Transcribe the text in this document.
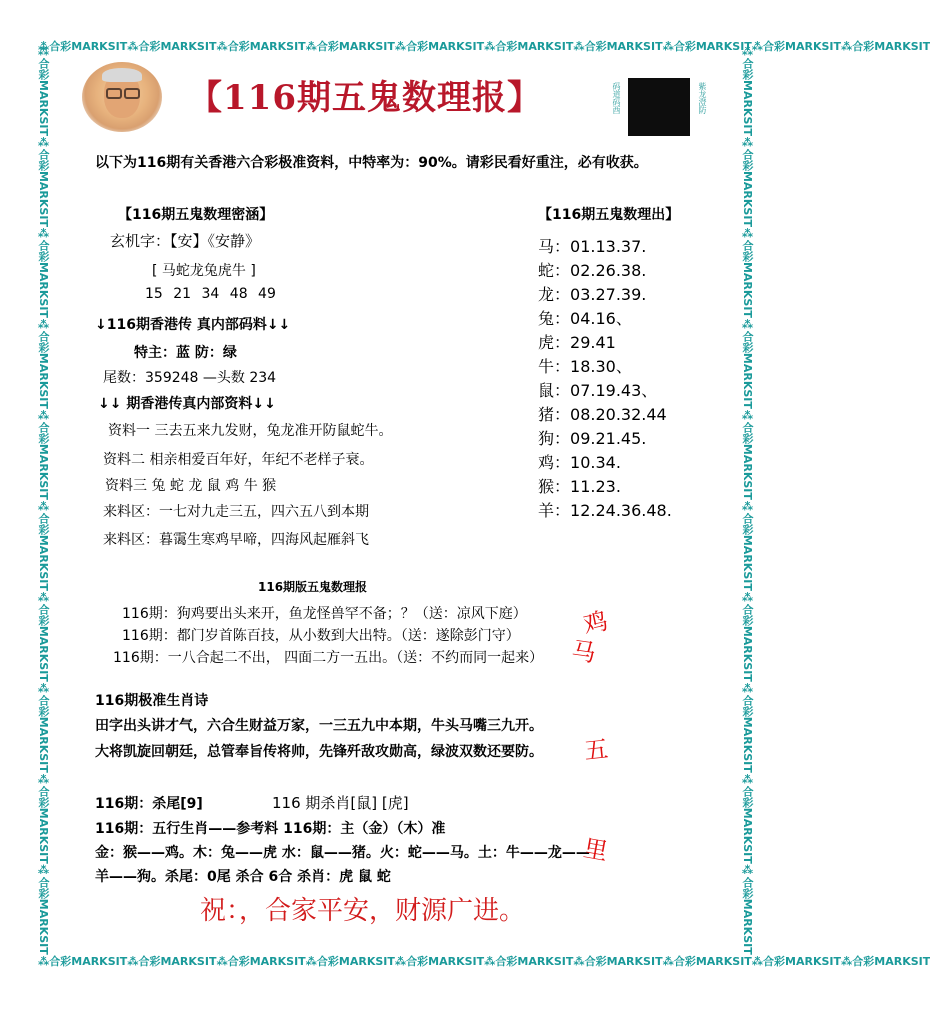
⁂合彩MARKSIT⁂合彩MARKSIT⁂合彩MARKSIT⁂合彩MARKSIT⁂合彩MARKSIT⁂合彩MARKSIT⁂合彩MARKSIT⁂合彩MARKSIT⁂合彩MARKSIT⁂合彩MARKSIT
⁂合彩MARKSIT⁂合彩MARKSIT⁂合彩MARKSIT⁂合彩MARKSIT⁂合彩MARKSIT⁂合彩MARKSIT⁂合彩MARKSIT⁂合彩MARKSIT⁂合彩MARKSIT⁂合彩MARKSIT
⁂合彩MARKSIT⁂合彩MARKSIT⁂合彩MARKSIT⁂合彩MARKSIT⁂合彩MARKSIT⁂合彩MARKSIT⁂合彩MARKSIT⁂合彩MARKSIT⁂合彩MARKSIT⁂合彩MARKSIT	⁂合彩MARKSIT⁂合彩MARKSIT⁂合彩MARKSIT⁂合彩MARKSIT⁂合彩MARKSIT⁂合彩MARKSIT⁂合彩MARKSIT⁂合彩MARKSIT⁂合彩MARKSIT⁂合彩MARKSIT
【116期五鬼数理报】	码道码酉	紫龙澄防
以下为116期有关香港六合彩极准资料，中特率为：90%。请彩民看好重注，必有收获。
【116期五鬼数理密涵】
玄机字：【安】《安静》
[ 马蛇龙兔虎牛 ]
15 21 34 48 49
↓116期香港传 真内部码料↓↓
特主：蓝 防：绿
尾数：359248 —头数 234
↓↓ 期香港传真内部资料↓↓
资料一 三去五来九发财，兔龙准开防鼠蛇牛。
资料二 相亲相爱百年好，年纪不老样子衰。
资料三 兔 蛇 龙 鼠 鸡 牛 猴
来料区：一七对九走三五，四六五八到本期
来料区：暮霭生寒鸡早啼，四海风起雁斜飞
【116期五鬼数理出】
马：01.13.37.
蛇：02.26.38.
龙：03.27.39.
兔：04.16、
虎：29.41
牛：18.30、
鼠：07.19.43、
猪：08.20.32.44
狗：09.21.45.
鸡：10.34.
猴：11.23.
羊：12.24.36.48.
116期版五鬼数理报
116期：狗鸡要出头来开，鱼龙怪兽罕不备；？（送：凉风下庭）
116期：都门岁首陈百技，从小数到大出特。（送：遂除彭门守）
116期：一八合起二不出， 四面二方一五出。（送：不约而同一起来）
116期极准生肖诗
田字出头讲才气，六合生财益万家，一三五九中本期，牛头马嘴三九开。
大将凯旋回朝廷，总管奉旨传将帅，先锋歼敌攻勋高，绿波双数还要防。
116期：杀尾[9]	116 期杀肖[鼠] [虎]
116期：五行生肖——参考料 116期：主（金）（木）准
金：猴——鸡。木：兔——虎 水：鼠——猪。火：蛇——马。土：牛——龙——
羊——狗。杀尾：0尾 杀合 6合 杀肖：虎 鼠 蛇
祝：，合家平安，财源广进。
鸡
马
五
里
